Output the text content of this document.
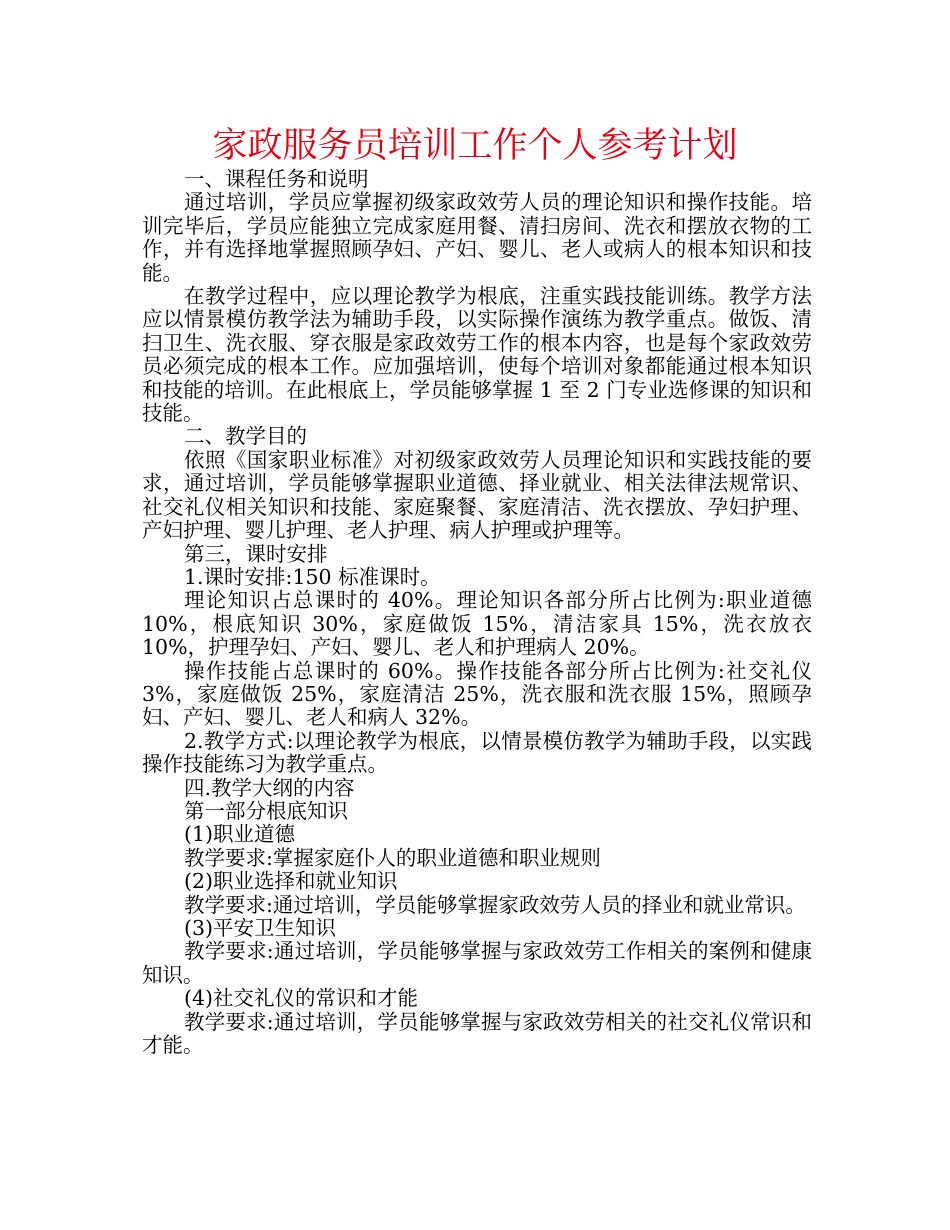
家政服务员培训工作个人参考计划

一、课程任务和说明

通过培训，学员应掌握初级家政效劳人员的理论知识和操作技能。培训完毕后，学员应能独立完成家庭用餐、清扫房间、洗衣和摆放衣物的工作，并有选择地掌握照顾孕妇、产妇、婴儿、老人或病人的根本知识和技能。

在教学过程中，应以理论教学为根底，注重实践技能训练。教学方法应以情景模仿教学法为辅助手段，以实际操作演练为教学重点。做饭、清扫卫生、洗衣服、穿衣服是家政效劳工作的根本内容，也是每个家政效劳员必须完成的根本工作。应加强培训，使每个培训对象都能通过根本知识和技能的培训。在此根底上，学员能够掌握 1 至 2 门专业选修课的知识和技能。

二、教学目的

依照《国家职业标准》对初级家政效劳人员理论知识和实践技能的要求，通过培训，学员能够掌握职业道德、择业就业、相关法律法规常识、社交礼仪相关知识和技能、家庭聚餐、家庭清洁、洗衣摆放、孕妇护理、产妇护理、婴儿护理、老人护理、病人护理或护理等。

第三，课时安排

1.课时安排:150 标准课时。

理论知识占总课时的 40%。理论知识各部分所占比例为:职业道德 10%，根底知识 30%，家庭做饭 15%，清洁家具 15%，洗衣放衣 10%，护理孕妇、产妇、婴儿、老人和护理病人 20%。

操作技能占总课时的 60%。操作技能各部分所占比例为:社交礼仪 3%，家庭做饭 25%，家庭清洁 25%，洗衣服和洗衣服 15%，照顾孕妇、产妇、婴儿、老人和病人 32%。

2.教学方式:以理论教学为根底，以情景模仿教学为辅助手段，以实践操作技能练习为教学重点。

四.教学大纲的内容

第一部分根底知识

(1)职业道德

教学要求:掌握家庭仆人的职业道德和职业规则

(2)职业选择和就业知识

教学要求:通过培训，学员能够掌握家政效劳人员的择业和就业常识。

(3)平安卫生知识

教学要求:通过培训，学员能够掌握与家政效劳工作相关的案例和健康知识。

(4)社交礼仪的常识和才能

教学要求:通过培训，学员能够掌握与家政效劳相关的社交礼仪常识和才能。
